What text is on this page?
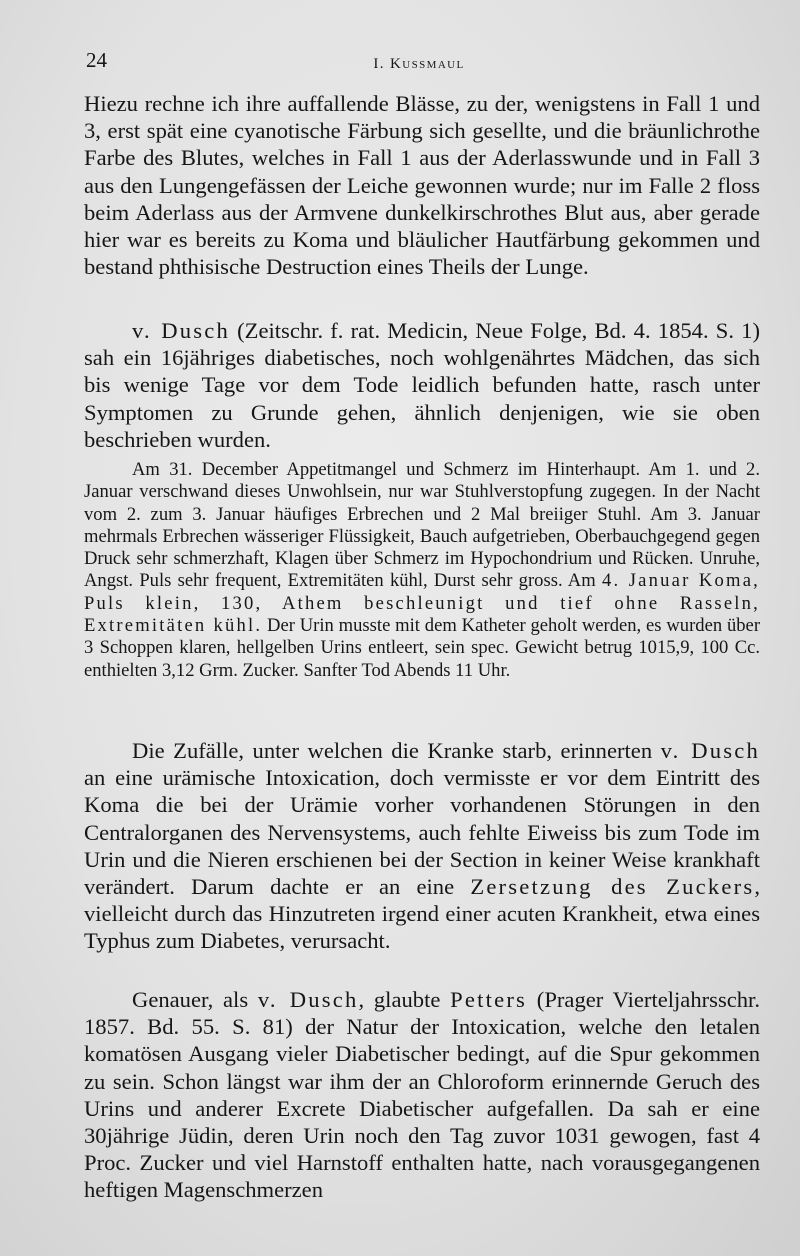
24	I. Kussmaul

Hiezu rechne ich ihre auffallende Blässe, zu der, wenigstens in Fall 1 und 3, erst spät eine cyanotische Färbung sich gesellte, und die bräunlichrothe Farbe des Blutes, welches in Fall 1 aus der Aderlasswunde und in Fall 3 aus den Lungengefässen der Leiche gewonnen wurde; nur im Falle 2 floss beim Aderlass aus der Armvene dunkelkirschrothes Blut aus, aber gerade hier war es bereits zu Koma und bläulicher Hautfärbung gekommen und bestand phthisische Destruction eines Theils der Lunge.

v. Dusch (Zeitschr. f. rat. Medicin, Neue Folge, Bd. 4. 1854. S. 1) sah ein 16jähriges diabetisches, noch wohlgenährtes Mädchen, das sich bis wenige Tage vor dem Tode leidlich befunden hatte, rasch unter Symptomen zu Grunde gehen, ähnlich denjenigen, wie sie oben beschrieben wurden.

Am 31. December Appetitmangel und Schmerz im Hinterhaupt. Am 1. und 2. Januar verschwand dieses Unwohlsein, nur war Stuhlverstopfung zugegen. In der Nacht vom 2. zum 3. Januar häufiges Erbrechen und 2 Mal breiiger Stuhl. Am 3. Januar mehrmals Erbrechen wässeriger Flüssigkeit, Bauch aufgetrieben, Oberbauchgegend gegen Druck sehr schmerzhaft, Klagen über Schmerz im Hypochondrium und Rücken. Unruhe, Angst. Puls sehr frequent, Extremitäten kühl, Durst sehr gross. Am 4. Januar Koma, Puls klein, 130, Athem beschleunigt und tief ohne Rasseln, Extremitäten kühl. Der Urin musste mit dem Katheter geholt werden, es wurden über 3 Schoppen klaren, hellgelben Urins entleert, sein spec. Gewicht betrug 1015,9, 100 Cc. enthielten 3,12 Grm. Zucker. Sanfter Tod Abends 11 Uhr.

Die Zufälle, unter welchen die Kranke starb, erinnerten v. Dusch an eine urämische Intoxication, doch vermisste er vor dem Eintritt des Koma die bei der Urämie vorher vorhandenen Störungen in den Centralorganen des Nervensystems, auch fehlte Eiweiss bis zum Tode im Urin und die Nieren erschienen bei der Section in keiner Weise krankhaft verändert. Darum dachte er an eine Zersetzung des Zuckers, vielleicht durch das Hinzutreten irgend einer acuten Krankheit, etwa eines Typhus zum Diabetes, verursacht.

Genauer, als v. Dusch, glaubte Petters (Prager Vierteljahrsschr. 1857. Bd. 55. S. 81) der Natur der Intoxication, welche den letalen komatösen Ausgang vieler Diabetischer bedingt, auf die Spur gekommen zu sein. Schon längst war ihm der an Chloroform erinnernde Geruch des Urins und anderer Excrete Diabetischer aufgefallen. Da sah er eine 30jährige Jüdin, deren Urin noch den Tag zuvor 1031 gewogen, fast 4 Proc. Zucker und viel Harnstoff enthalten hatte, nach vorausgegangenen heftigen Magenschmerzen
